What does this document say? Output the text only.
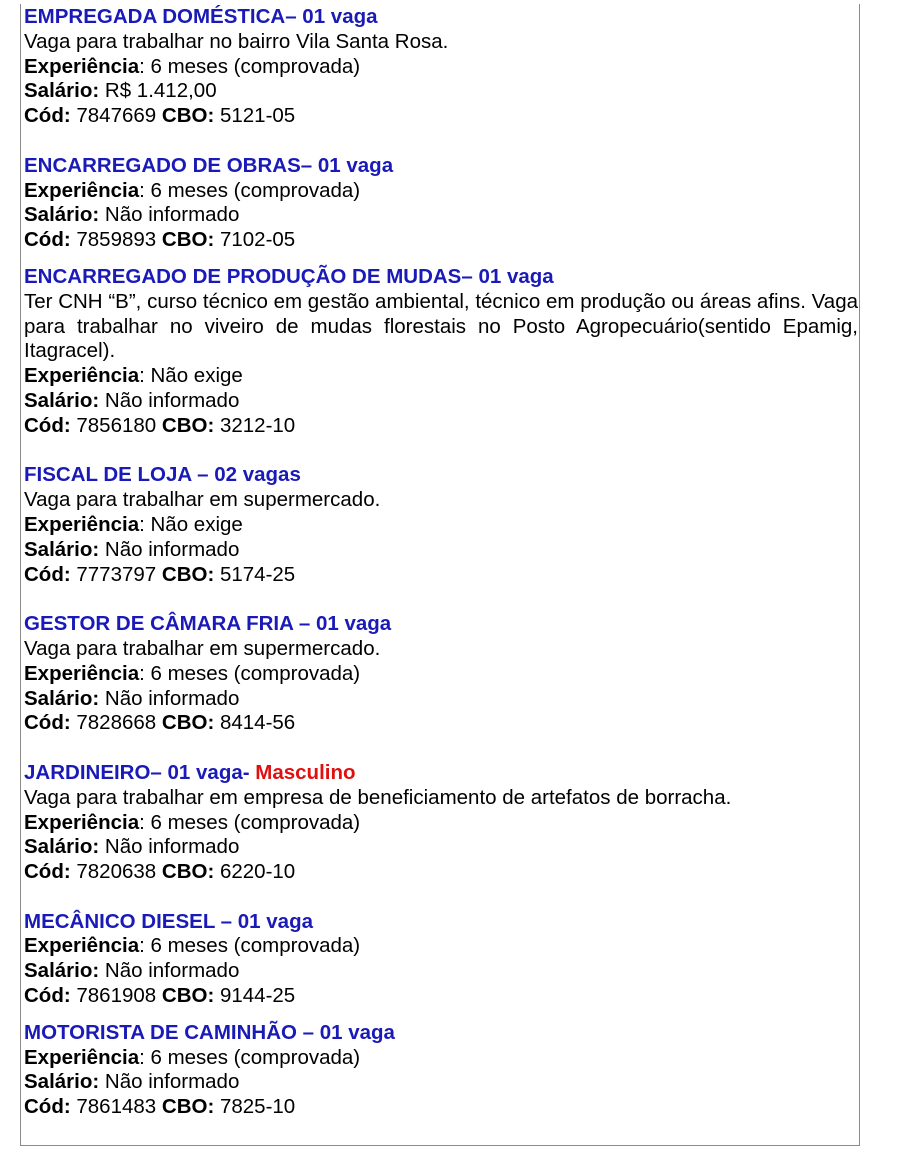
EMPREGADA DOMÉSTICA– 01 vaga
Vaga para trabalhar no bairro Vila Santa Rosa.
Experiência: 6 meses (comprovada)
Salário: R$ 1.412,00
Cód: 7847669 CBO: 5121-05
ENCARREGADO DE OBRAS– 01 vaga
Experiência: 6 meses (comprovada)
Salário: Não informado
Cód: 7859893 CBO: 7102-05
ENCARREGADO DE PRODUÇÃO DE MUDAS– 01 vaga
Ter CNH “B”, curso técnico em gestão ambiental, técnico em produção ou áreas afins. Vaga para trabalhar no viveiro de mudas florestais no Posto Agropecuário(sentido Epamig, Itagracel).
Experiência: Não exige
Salário: Não informado
Cód: 7856180 CBO: 3212-10
FISCAL DE LOJA – 02 vagas
Vaga para trabalhar em supermercado.
Experiência: Não exige
Salário: Não informado
Cód: 7773797 CBO: 5174-25
GESTOR DE CÂMARA FRIA – 01 vaga
Vaga para trabalhar em supermercado.
Experiência: 6 meses (comprovada)
Salário: Não informado
Cód: 7828668 CBO: 8414-56
JARDINEIRO– 01 vaga- Masculino
Vaga para trabalhar em empresa de beneficiamento de artefatos de borracha.
Experiência: 6 meses (comprovada)
Salário: Não informado
Cód: 7820638 CBO: 6220-10
MECÂNICO DIESEL – 01 vaga
Experiência: 6 meses (comprovada)
Salário: Não informado
Cód: 7861908 CBO: 9144-25
MOTORISTA DE CAMINHÃO – 01 vaga
Experiência: 6 meses (comprovada)
Salário: Não informado
Cód: 7861483 CBO: 7825-10
